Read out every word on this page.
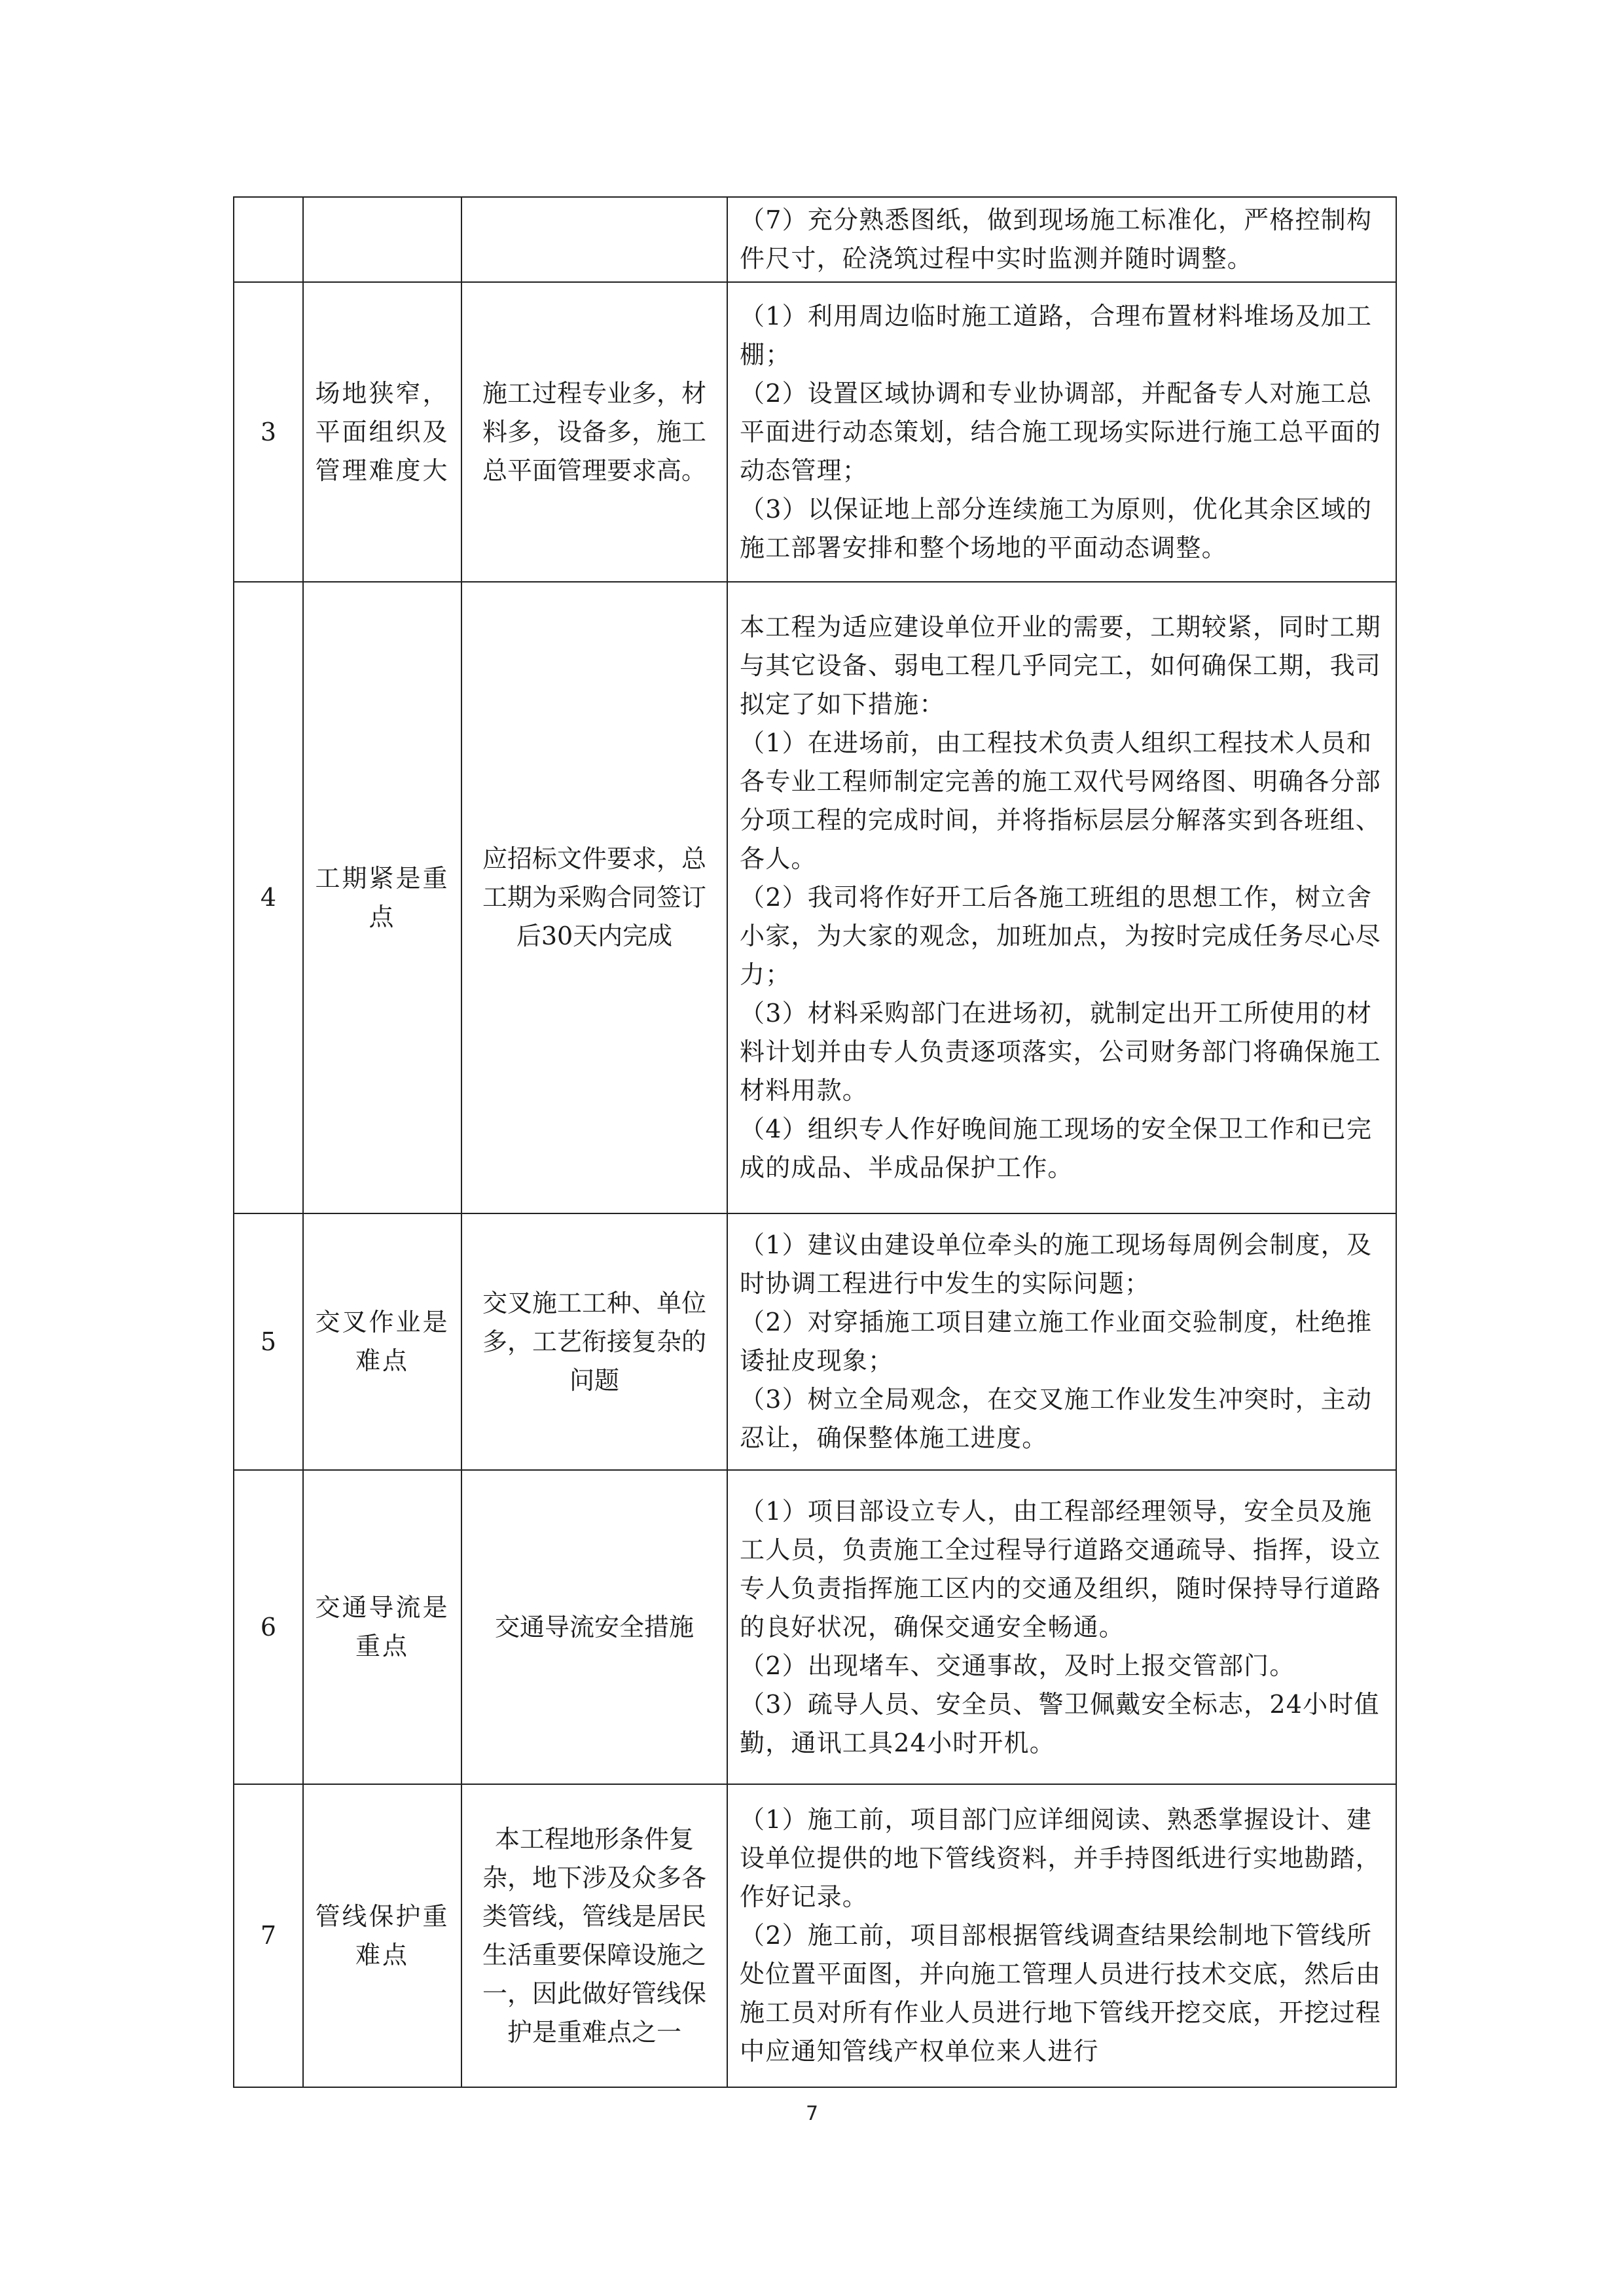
			（7）充分熟悉图纸，做到现场施工标准化，严格控制构件尺寸，砼浇筑过程中实时监测并随时调整。

3	场地狭窄，平面组织及管理难度大	施工过程专业多，材料多，设备多，施工总平面管理要求高。	（1）利用周边临时施工道路，合理布置材料堆场及加工棚；
（2）设置区域协调和专业协调部，并配备专人对施工总平面进行动态策划，结合施工现场实际进行施工总平面的动态管理；
（3）以保证地上部分连续施工为原则，优化其余区域的施工部署安排和整个场地的平面动态调整。

4	工期紧是重点	应招标文件要求，总工期为采购合同签订后30天内完成	本工程为适应建设单位开业的需要，工期较紧，同时工期与其它设备、弱电工程几乎同完工，如何确保工期，我司拟定了如下措施：
（1）在进场前，由工程技术负责人组织工程技术人员和各专业工程师制定完善的施工双代号网络图、明确各分部分项工程的完成时间，并将指标层层分解落实到各班组、各人。
（2）我司将作好开工后各施工班组的思想工作，树立舍小家，为大家的观念，加班加点，为按时完成任务尽心尽力；
（3）材料采购部门在进场初，就制定出开工所使用的材料计划并由专人负责逐项落实，公司财务部门将确保施工材料用款。
（4）组织专人作好晚间施工现场的安全保卫工作和已完成的成品、半成品保护工作。

5	交叉作业是难点	交叉施工工种、单位多，工艺衔接复杂的问题	（1）建议由建设单位牵头的施工现场每周例会制度，及时协调工程进行中发生的实际问题；
（2）对穿插施工项目建立施工作业面交验制度，杜绝推诿扯皮现象；
（3）树立全局观念，在交叉施工作业发生冲突时，主动忍让，确保整体施工进度。

6	交通导流是重点	交通导流安全措施	（1）项目部设立专人，由工程部经理领导，安全员及施工人员，负责施工全过程导行道路交通疏导、指挥，设立专人负责指挥施工区内的交通及组织，随时保持导行道路的良好状况，确保交通安全畅通。
（2）出现堵车、交通事故，及时上报交管部门。
（3）疏导人员、安全员、警卫佩戴安全标志，24小时值勤，通讯工具24小时开机。

7	管线保护重难点	本工程地形条件复杂，地下涉及众多各类管线，管线是居民生活重要保障设施之一，因此做好管线保护是重难点之一	（1）施工前，项目部门应详细阅读、熟悉掌握设计、建设单位提供的地下管线资料，并手持图纸进行实地勘踏，作好记录。
（2）施工前，项目部根据管线调查结果绘制地下管线所处位置平面图，并向施工管理人员进行技术交底，然后由施工员对所有作业人员进行地下管线开挖交底，开挖过程中应通知管线产权单位来人进行
7
